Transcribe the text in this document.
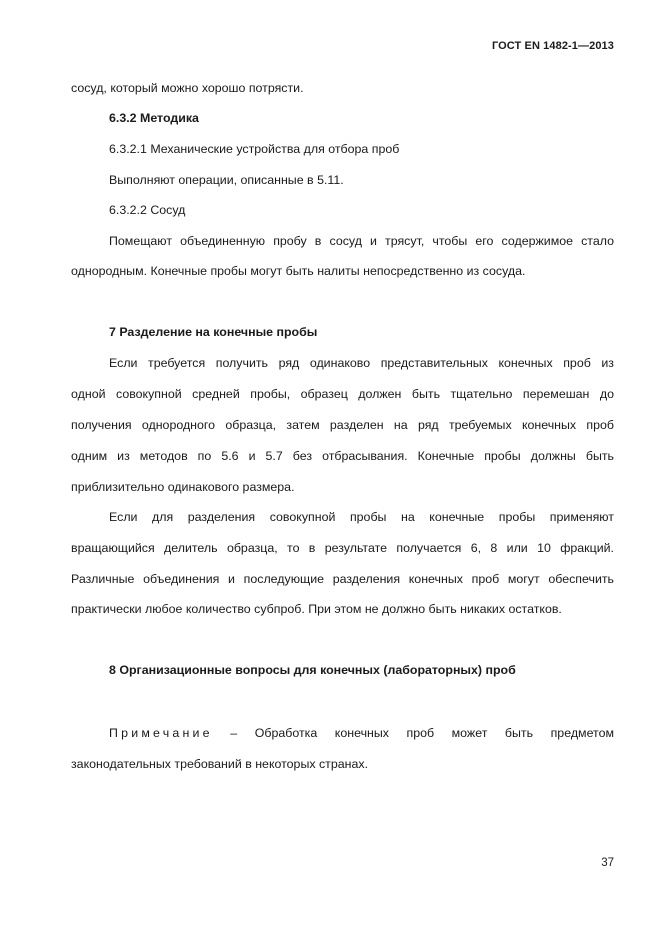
ГОСТ EN 1482-1—2013
сосуд, который можно хорошо потрясти.
6.3.2 Методика
6.3.2.1 Механические устройства для отбора проб
Выполняют операции, описанные в 5.11.
6.3.2.2 Сосуд
Помещают объединенную пробу в сосуд и трясут, чтобы его содержимое стало
однородным. Конечные пробы могут быть налиты непосредственно из сосуда.
7 Разделение на конечные пробы
Если требуется получить ряд одинаково представительных конечных проб из
одной совокупной средней пробы, образец должен быть тщательно перемешан до
получения однородного образца, затем разделен на ряд требуемых конечных проб
одним из методов по 5.6 и 5.7 без отбрасывания. Конечные пробы должны быть
приблизительно одинакового размера.
Если для разделения совокупной пробы на конечные пробы применяют
вращающийся делитель образца, то в результате получается 6, 8 или 10 фракций.
Различные объединения и последующие разделения конечных проб могут обеспечить
практически любое количество субпроб. При этом не должно быть никаких остатков.
8 Организационные вопросы для конечных (лабораторных) проб
Примечание – Обработка конечных проб может быть предметом
законодательных требований в некоторых странах.
37
